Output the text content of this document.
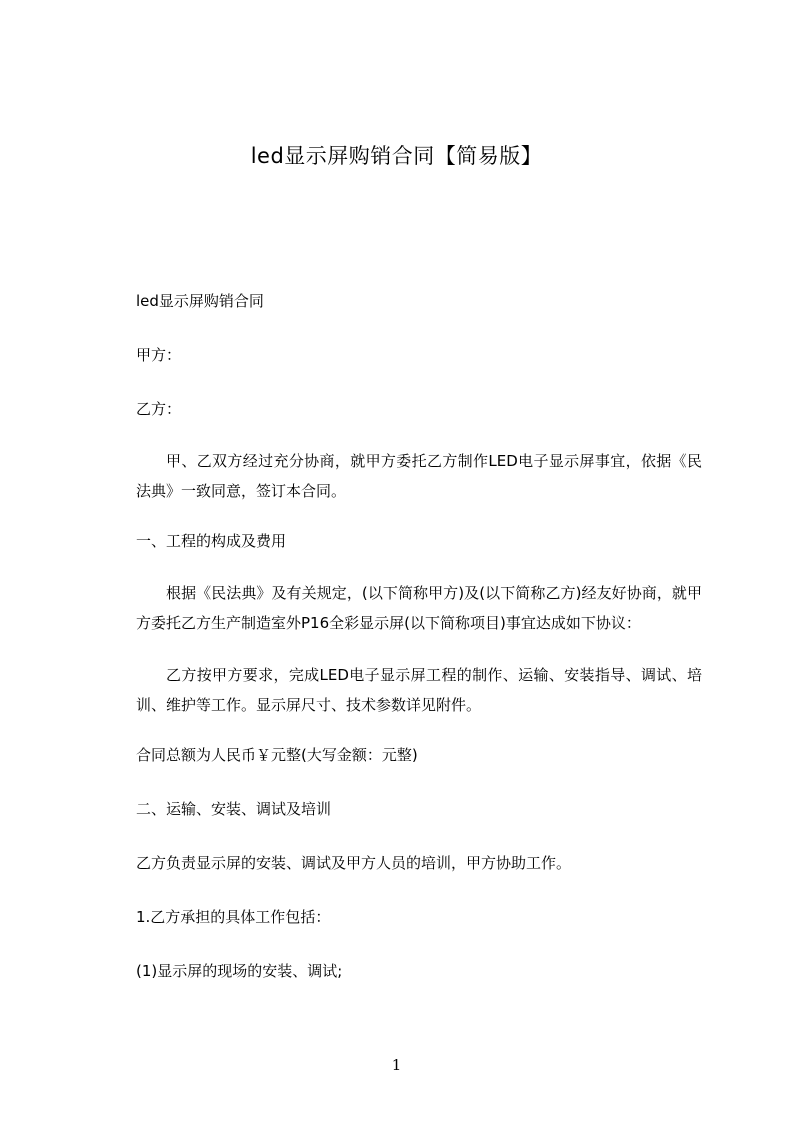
led显示屏购销合同【简易版】

led显示屏购销合同

甲方：

乙方：

甲、乙双方经过充分协商，就甲方委托乙方制作LED电子显示屏事宜，依据《民法典》一致同意，签订本合同。

一、工程的构成及费用

根据《民法典》及有关规定，(以下简称甲方)及(以下简称乙方)经友好协商，就甲方委托乙方生产制造室外P16全彩显示屏(以下简称项目)事宜达成如下协议：

乙方按甲方要求，完成LED电子显示屏工程的制作、运输、安装指导、调试、培训、维护等工作。显示屏尺寸、技术参数详见附件。

合同总额为人民币￥元整(大写金额：元整)

二、运输、安装、调试及培训

乙方负责显示屏的安装、调试及甲方人员的培训，甲方协助工作。

1.乙方承担的具体工作包括：

(1)显示屏的现场的安装、调试;

1
